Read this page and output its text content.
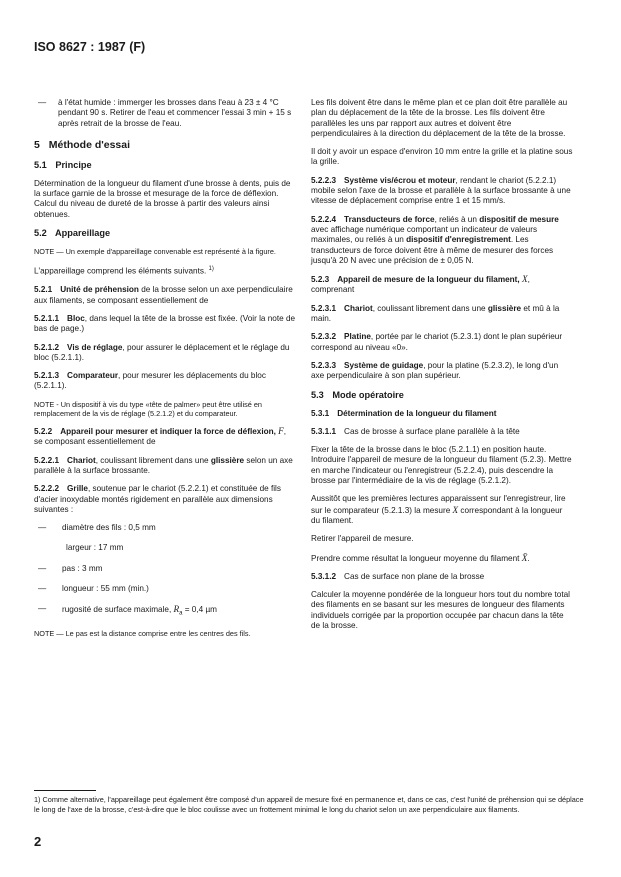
ISO 8627 : 1987 (F)

— à l'état humide : immerger les brosses dans l'eau à 23 ± 4 °C pendant 90 s. Retirer de l'eau et commencer l'essai 3 min + 15 s après retrait de la brosse de l'eau.

5 Méthode d'essai
5.1 Principe

Détermination de la longueur du filament d'une brosse à dents, puis de la surface garnie de la brosse et mesurage de la force de déflexion. Calcul du niveau de dureté de la brosse à partir des valeurs ainsi obtenues.

5.2 Appareillage

NOTE — Un exemple d'appareillage convenable est représenté à la figure.

L'appareillage comprend les éléments suivants. $^{1)}$

5.2.1 Unité de préhension de la brosse selon un axe perpendiculaire aux filaments, se composant essentiellement de

5.2.1.1 Bloc, dans lequel la tête de la brosse est fixée. (Voir la note de bas de page.)

5.2.1.2 Vis de réglage, pour assurer le déplacement et le réglage du bloc (5.2.1.1).

5.2.1.3 Comparateur, pour mesurer les déplacements du bloc (5.2.1.1).

NOTE - Un dispositif à vis du type «tête de palmer» peut être utilisé en remplacement de la vis de réglage (5.2.1.2) et du comparateur.

5.2.2 Appareil pour mesurer et indiquer la force de déflexion, F, se composant essentiellement de

5.2.2.1 Chariot, coulissant librement dans une glissière selon un axe parallèle à la surface brossante.

5.2.2.2 Grille, soutenue par le chariot (5.2.2.1) et constituée de fils d'acier inoxydable montés rigidement en parallèle aux dimensions suivantes :

— diamètre des fils : 0,5 mm

largeur : 17 mm

— pas : 3 mm

— longueur : 55 mm (min.)

— rugosité de surface maximale, $R_a = 0,4$ µm

NOTE — Le pas est la distance comprise entre les centres des fils.

Les fils doivent être dans le même plan et ce plan doit être parallèle au plan du déplacement de la tête de la brosse. Les fils doivent être parallèles les uns par rapport aux autres et doivent être perpendiculaires à la direction du déplacement de la tête de la brosse.

Il doit y avoir un espace d'environ 10 mm entre la grille et la platine sous la grille.

5.2.2.3 Système vis/écrou et moteur, rendant le chariot (5.2.2.1) mobile selon l'axe de la brosse et parallèle à la surface brossante à une vitesse de déplacement comprise entre 1 et 15 mm/s.

5.2.2.4 Transducteurs de force, reliés à un dispositif de mesure avec affichage numérique comportant un indicateur de valeurs maximales, ou reliés à un dispositif d'enregistrement. Les transducteurs de force doivent être à même de mesurer des forces jusqu'à 20 N avec une précision de ± 0,05 N.

5.2.3 Appareil de mesure de la longueur du filament, X, comprenant

5.2.3.1 Chariot, coulissant librement dans une glissière et mû à la main.

5.2.3.2 Platine, portée par le chariot (5.2.3.1) dont le plan supérieur correspond au niveau «0».

5.2.3.3 Système de guidage, pour la platine (5.2.3.2), le long d'un axe perpendiculaire à son plan supérieur.

5.3 Mode opératoire

5.3.1 Détermination de la longueur du filament

5.3.1.1 Cas de brosse à surface plane parallèle à la tête

Fixer la tête de la brosse dans le bloc (5.2.1.1) en position haute. Introduire l'appareil de mesure de la longueur du filament (5.2.3). Mettre en marche l'indicateur ou l'enregistreur (5.2.2.4), puis descendre la brosse par l'intermédiaire de la vis de réglage (5.2.1.2).

Aussitôt que les premières lectures apparaissent sur l'enregistreur, lire sur le comparateur (5.2.1.3) la mesure X correspondant à la longueur du filament.

Retirer l'appareil de mesure.

Prendre comme résultat la longueur moyenne du filament X̄.

5.3.1.2 Cas de surface non plane de la brosse

Calculer la moyenne pondérée de la longueur hors tout du nombre total des filaments en se basant sur les mesures de longueur des filaments individuels corrigée par la proportion occupée par chacun dans la tête de la brosse.

1) Comme alternative, l'appareillage peut également être composé d'un appareil de mesure fixé en permanence et, dans ce cas, c'est l'unité de préhension qui se déplace le long de l'axe de la brosse, c'est-à-dire que le bloc coulisse avec un frottement minimal le long du chariot selon un axe perpendiculaire aux filaments.
2
